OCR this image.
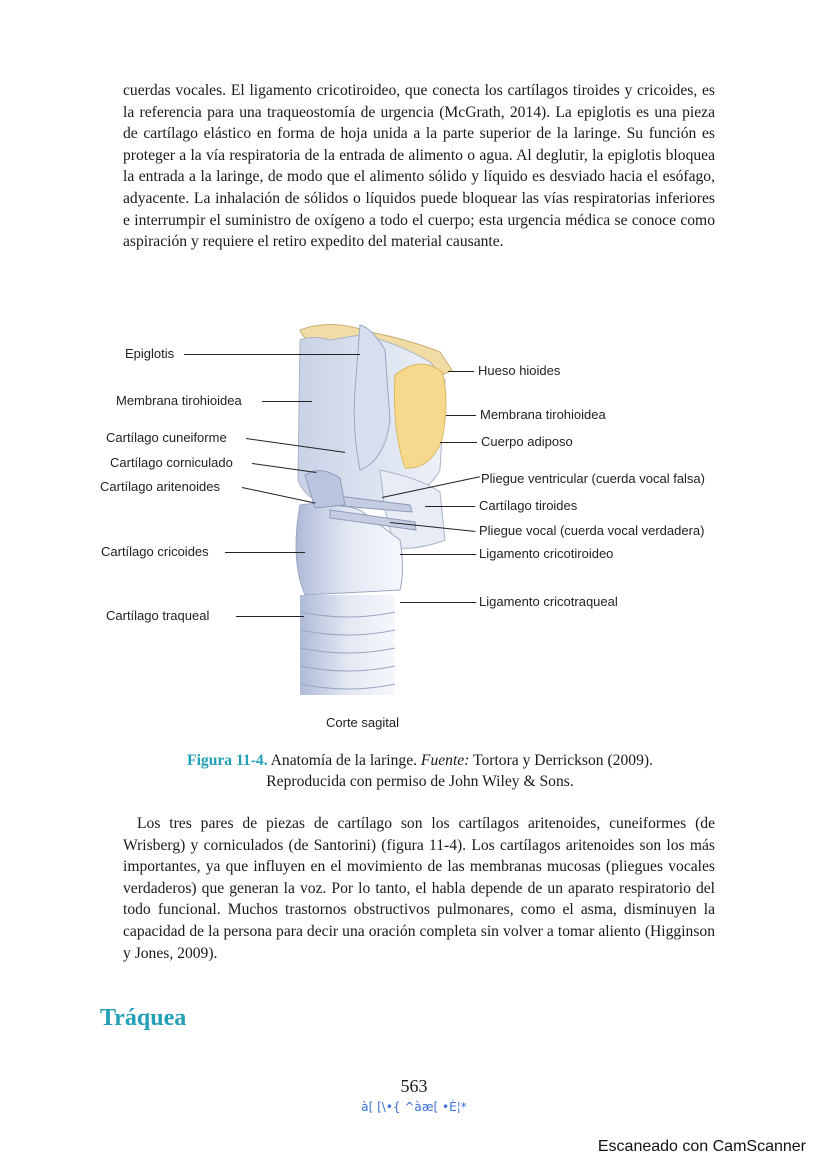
cuerdas vocales. El ligamento cricotiroideo, que conecta los cartílagos tiroides y cricoides, es la referencia para una traqueostomía de urgencia (McGrath, 2014). La epiglotis es una pieza de cartílago elástico en forma de hoja unida a la parte superior de la laringe. Su función es proteger a la vía respiratoria de la entrada de alimento o agua. Al deglutir, la epiglotis bloquea la entrada a la laringe, de modo que el alimento sólido y líquido es desviado hacia el esófago, adyacente. La inhalación de sólidos o líquidos puede bloquear las vías respiratorias inferiores e interrumpir el suministro de oxígeno a todo el cuerpo; esta urgencia médica se conoce como aspiración y requiere el retiro expedito del material causante.

Epiglotis
Membrana tirohioidea
Cartílago cuneiforme
Cartílago corniculado
Cartílago aritenoides
Cartílago cricoides
Cartílago traqueal
Hueso hioides
Membrana tirohioidea
Cuerpo adiposo
Pliegue ventricular (cuerda vocal falsa)
Cartílago tiroides
Pliegue vocal (cuerda vocal verdadera)
Ligamento cricotiroideo
Ligamento cricotraqueal
Corte sagital
Figura 11-4. Anatomía de la laringe. Fuente: Tortora y Derrickson (2009).
Reproducida con permiso de John Wiley & Sons.

Los tres pares de piezas de cartílago son los cartílagos aritenoides, cuneiformes (de Wrisberg) y corniculados (de Santorini) (figura 11-4). Los cartílagos aritenoides son los más importantes, ya que influyen en el movimiento de las membranas mucosas (pliegues vocales verdaderos) que generan la voz. Por lo tanto, el habla depende de un aparato respiratorio del todo funcional. Muchos trastornos obstructivos pulmonares, como el asma, disminuyen la capacidad de la persona para decir una oración completa sin volver a tomar aliento (Higginson y Jones, 2009).

Tráquea
563
à[ [\•{ ^àæ[ •Ė¦*
Escaneado con CamScanner
